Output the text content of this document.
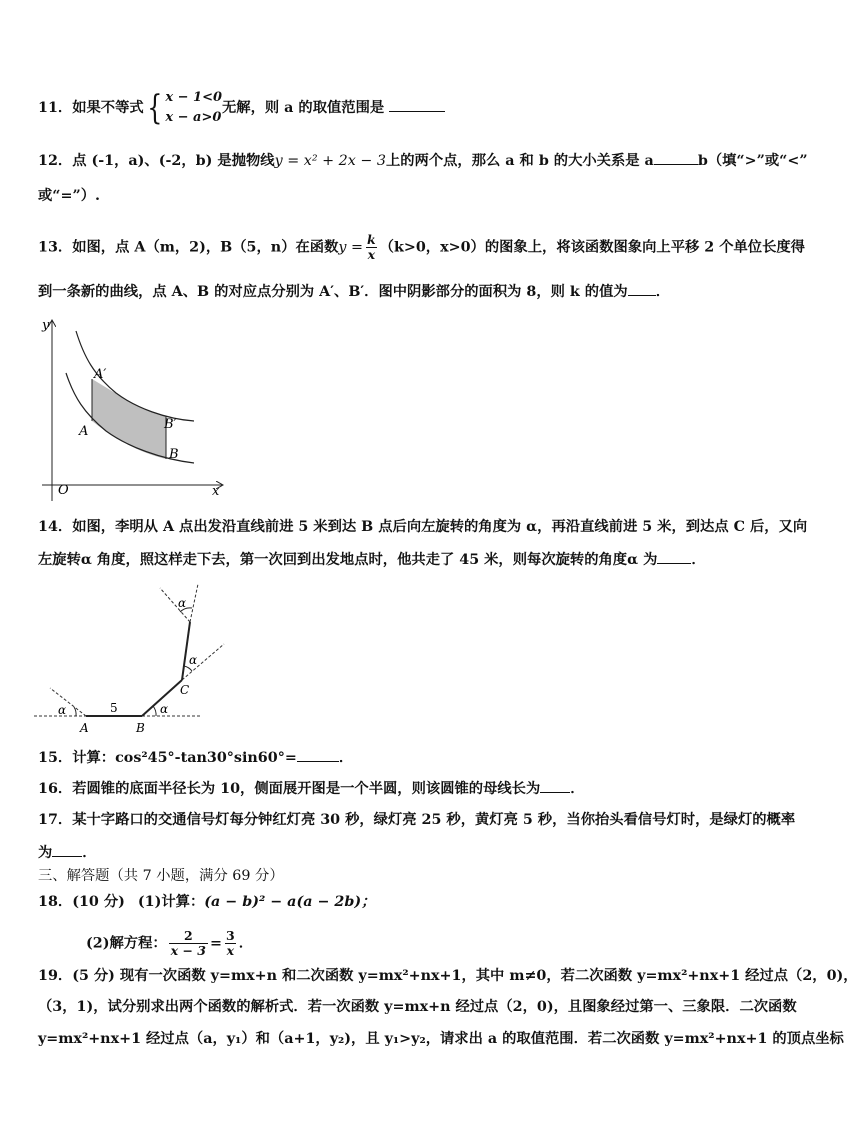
11．如果不等式{ x − 1<0
x − a>0
无解，则 a 的取值范围是
12．点 (-1，a)、(-2，b) 是抛物线y = x² + 2x − 3上的两个点，那么 a 和 b 的大小关系是 a	b（填“>”或“<”
或“=”）.
13．如图，点 A（m，2)，B（5，n）在函数$y = \frac{k}{x} (k>0$，x>0）的图象上，将该函数图象向上平移 2 个单位长度得
到一条新的曲线，点 A、B 的对应点分别为 A′、B′．图中阴影部分的面积为 8，则 k 的值为 ．
y
x
O
A′
A	B′
B
14．如图，李明从 A 点出发沿直线前进 5 米到达 B 点后向左旋转的角度为 α，再沿直线前进 5 米，到达点 C 后，又向
左旋转α 角度，照这样走下去，第一次回到出发地点时，他共走了 45 米，则每次旋转的角度α 为 ．
α	5	α
α
α
A	B
C
15．计算：cos²45°-tan30°sin60°=	．
16．若圆锥的底面半径长为 10，侧面展开图是一个半圆，则该圆锥的母线长为 ．
17．某十字路口的交通信号灯每分钟红灯亮 30 秒，绿灯亮 25 秒，黄灯亮 5 秒，当你抬头看信号灯时，是绿灯的概率
为 ．
三、解答题（共 7 小题，满分 69 分）
18．(10 分) (1)计算：(a − b)² − a(a − 2b)；
(2)解方程： $\frac{2}{x - 3} = \frac{3}{x}$ ．
19．(5 分) 现有一次函数 y=mx+n 和二次函数 y=mx²+nx+1，其中 m≠0，若二次函数 y=mx²+nx+1 经过点（2，0)，
（3，1)，试分别求出两个函数的解析式．若一次函数 y=mx+n 经过点（2，0)，且图象经过第一、三象限．二次函数
y=mx²+nx+1 经过点（a，y₁）和（a+1，y₂)，且 y₁>y₂，请求出 a 的取值范围．若二次函数 y=mx²+nx+1 的顶点坐标
